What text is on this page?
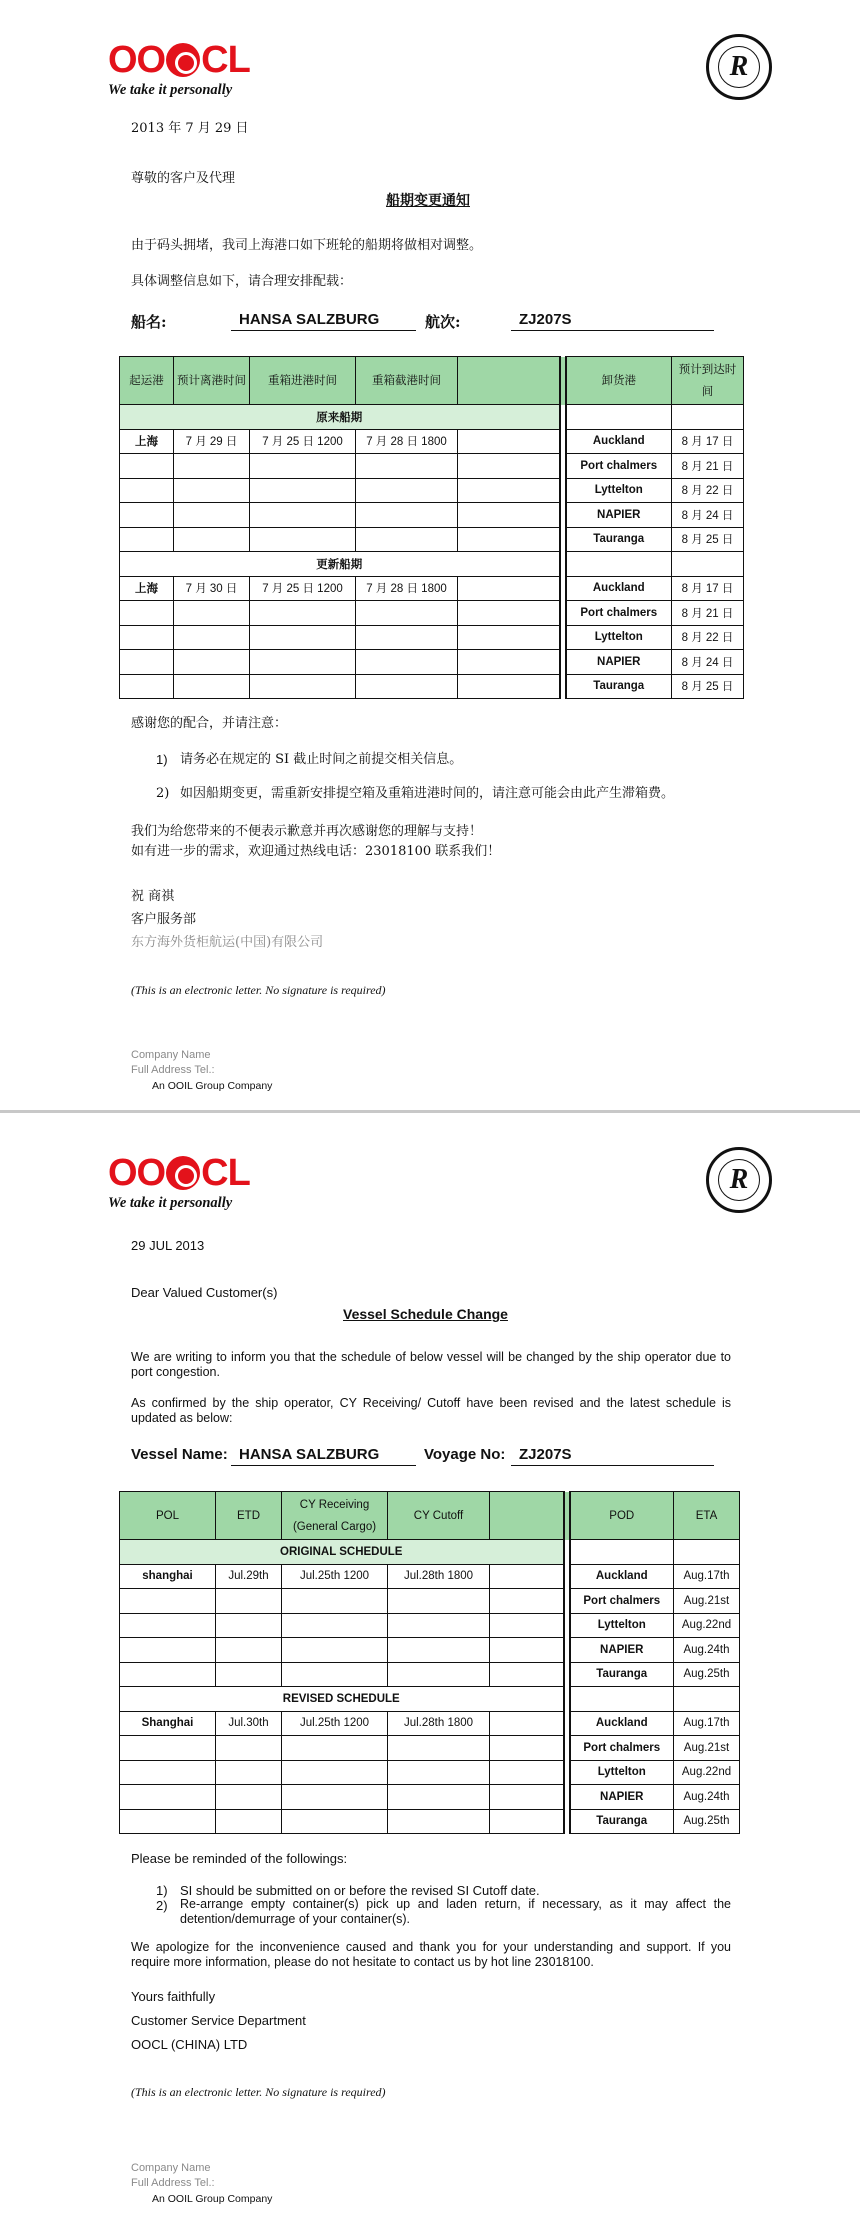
OO CL
We take it personally
R
2013 年 7 月 29 日
尊敬的客户及代理
船期变更通知
由于码头拥堵，我司上海港口如下班轮的船期将做相对调整。
具体调整信息如下，请合理安排配载：
船名:	HANSA SALZBURG	航次:	ZJ207S
起运港	预计离港时间	重箱进港时间	重箱截港时间			卸货港	预计到达时间
原来船期							
上海	7 月 29 日	7 月 25 日 1200	7 月 28 日 1800			Auckland	8 月 17 日
						Port chalmers	8 月 21 日
						Lyttelton	8 月 22 日
						NAPIER	8 月 24 日
						Tauranga	8 月 25 日
更新船期							
上海	7 月 30 日	7 月 25 日 1200	7 月 28 日 1800			Auckland	8 月 17 日
						Port chalmers	8 月 21 日
						Lyttelton	8 月 22 日
						NAPIER	8 月 24 日
						Tauranga	8 月 25 日
感谢您的配合，并请注意：
1) 请务必在规定的 SI 截止时间之前提交相关信息。
2) 如因船期变更，需重新安排提空箱及重箱进港时间的，请注意可能会由此产生滞箱费。
我们为给您带来的不便表示歉意并再次感谢您的理解与支持！
如有进一步的需求，欢迎通过热线电话：23018100 联系我们！
祝 商祺
客户服务部
东方海外货柜航运(中国)有限公司
(This is an electronic letter. No signature is required)
Company Name
Full Address Tel.:
An OOIL Group Company
OO CL
We take it personally
R
29 JUL 2013
Dear Valued Customer(s)
Vessel Schedule Change
We are writing to inform you that the schedule of below vessel will be changed by the ship operator due to port congestion.
As confirmed by the ship operator, CY Receiving/ Cutoff have been revised and the latest schedule is updated as below:
Vessel Name: HANSA SALZBURG	Voyage No: ZJ207S
POL	ETD	CY Receiving (General Cargo)	CY Cutoff			POD	ETA
ORIGINAL SCHEDULE							
shanghai	Jul.29th	Jul.25th 1200	Jul.28th 1800			Auckland	Aug.17th
						Port chalmers	Aug.21st
						Lyttelton	Aug.22nd
						NAPIER	Aug.24th
						Tauranga	Aug.25th
REVISED SCHEDULE							
Shanghai	Jul.30th	Jul.25th 1200	Jul.28th 1800			Auckland	Aug.17th
						Port chalmers	Aug.21st
						Lyttelton	Aug.22nd
						NAPIER	Aug.24th
						Tauranga	Aug.25th
Please be reminded of the followings:
1) SI should be submitted on or before the revised SI Cutoff date.
2) Re-arrange empty container(s) pick up and laden return, if necessary, as it may affect the detention/demurrage of your container(s).
We apologize for the inconvenience caused and thank you for your understanding and support. If you require more information, please do not hesitate to contact us by hot line 23018100.
Yours faithfully
Customer Service Department
OOCL (CHINA) LTD
(This is an electronic letter. No signature is required)
Company Name
Full Address Tel.:
An OOIL Group Company
